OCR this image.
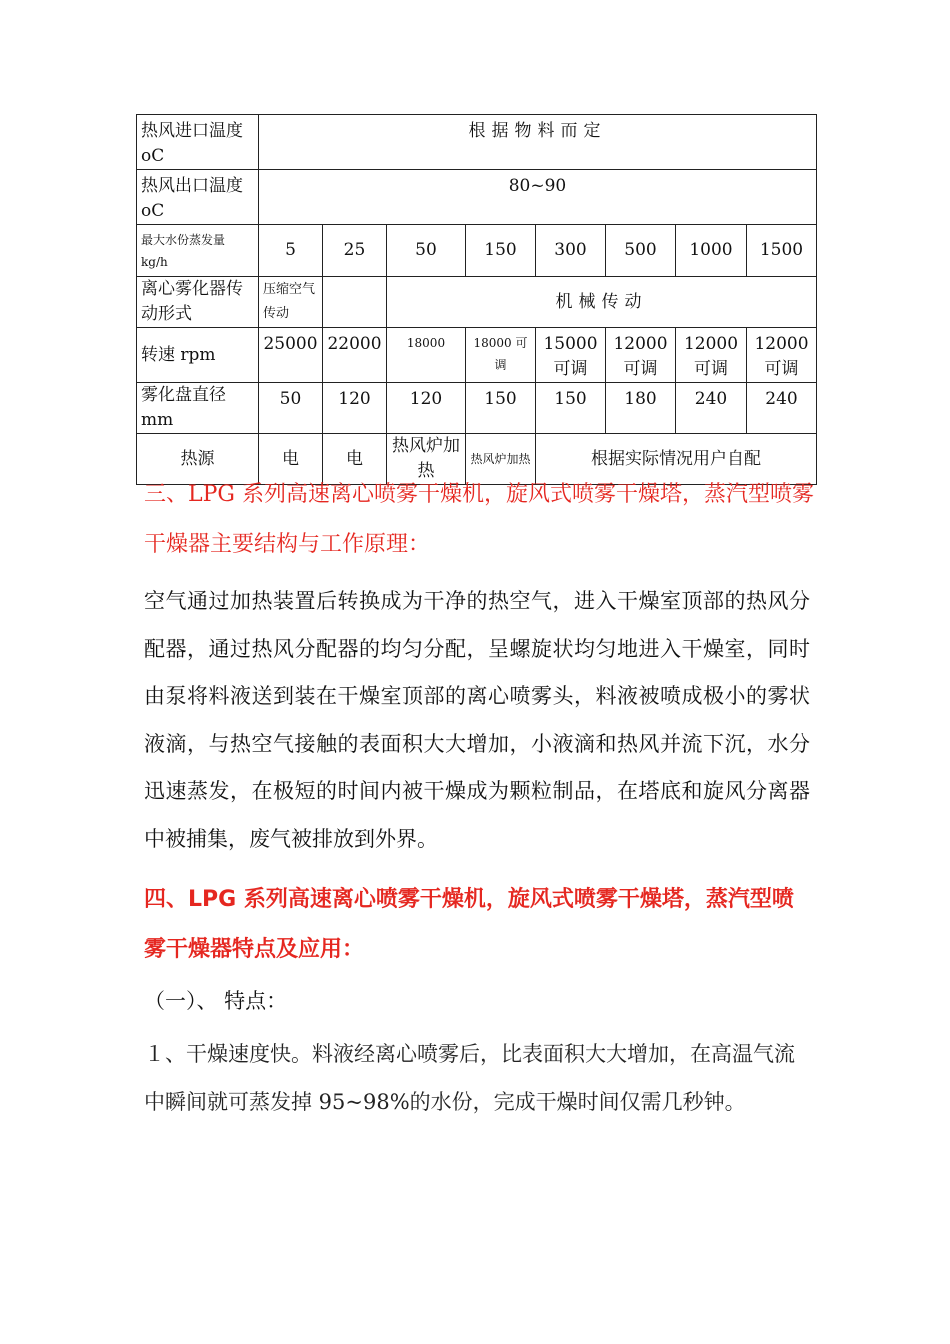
热风进口温度 oC	根据物料而定							
热风出口温度 oC	80~90							
最大水份蒸发量 kg/h	5	25	50	150	300	500	1000	1500
离心雾化器传动形式	压缩空气传动		机械传动					
转速 rpm	25000	22000	18000	18000 可调	15000 可调	12000 可调	12000 可调	12000 可调
雾化盘直径 mm	50	120	120	150	150	180	240	240
热源	电	电	热风炉加热	热风炉加热	根据实际情况用户自配			

三、LPG 系列高速离心喷雾干燥机，旋风式喷雾干燥塔，蒸汽型喷雾干燥器主要结构与工作原理：

空气通过加热装置后转换成为干净的热空气，进入干燥室顶部的热风分配器，通过热风分配器的均匀分配，呈螺旋状均匀地进入干燥室，同时由泵将料液送到装在干燥室顶部的离心喷雾头，料液被喷成极小的雾状液滴，与热空气接触的表面积大大增加，小液滴和热风并流下沉，水分迅速蒸发，在极短的时间内被干燥成为颗粒制品，在塔底和旋风分离器中被捕集，废气被排放到外界。

四、LPG 系列高速离心喷雾干燥机，旋风式喷雾干燥塔，蒸汽型喷雾干燥器特点及应用：

（一）、 特点：

１、干燥速度快。料液经离心喷雾后，比表面积大大增加，在高温气流中瞬间就可蒸发掉 95~98%的水份，完成干燥时间仅需几秒钟。
